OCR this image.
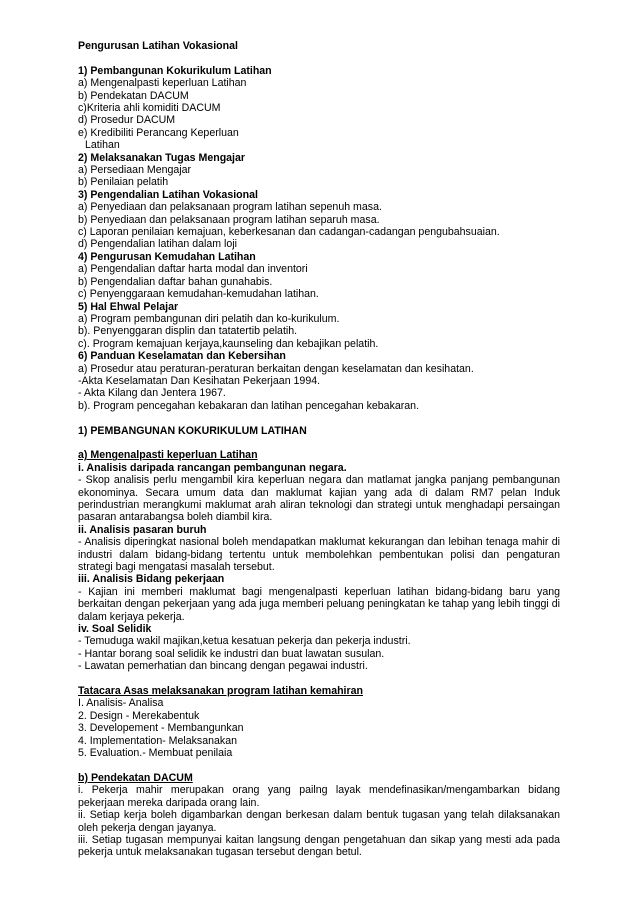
Pengurusan Latihan Vokasional
1) Pembangunan Kokurikulum Latihan
a) Mengenalpasti keperluan Latihan
b) Pendekatan DACUM
c)Kriteria ahli komiditi DACUM
d) Prosedur DACUM
e) Kredibiliti Perancang Keperluan
Latihan
2) Melaksanakan Tugas Mengajar
a) Persediaan Mengajar
b) Penilaian pelatih
3) Pengendalian Latihan Vokasional
a) Penyediaan dan pelaksanaan program latihan sepenuh masa.
b) Penyediaan dan pelaksanaan program latihan separuh masa.
c) Laporan penilaian kemajuan, keberkesanan dan cadangan-cadangan pengubahsuaian.
d) Pengendalian latihan dalam loji
4) Pengurusan Kemudahan Latihan
a) Pengendalian daftar harta modal dan inventori
b) Pengendalian daftar bahan gunahabis.
c) Penyenggaraan kemudahan-kemudahan latihan.
5) Hal Ehwal Pelajar
a) Program pembangunan diri pelatih dan ko-kurikulum.
b). Penyenggaran displin dan tatatertib pelatih.
c). Program kemajuan kerjaya,kaunseling dan kebajikan pelatih.
6) Panduan Keselamatan dan Kebersihan
a) Prosedur atau peraturan-peraturan berkaitan dengan keselamatan dan kesihatan.
-Akta Keselamatan Dan Kesihatan Pekerjaan 1994.
- Akta Kilang dan Jentera 1967.
b). Program pencegahan kebakaran dan latihan pencegahan kebakaran.
1) PEMBANGUNAN KOKURIKULUM LATIHAN
a) Mengenalpasti keperluan Latihan
i. Analisis daripada rancangan pembangunan negara.
- Skop analisis perlu mengambil kira keperluan negara dan matlamat jangka panjang pembangunan ekonominya. Secara umum data dan maklumat kajian yang ada di dalam RM7 pelan Induk perindustrian merangkumi maklumat arah aliran teknologi dan strategi untuk menghadapi persaingan pasaran antarabangsa boleh diambil kira.
ii. Analisis pasaran buruh
- Analisis diperingkat nasional boleh mendapatkan maklumat kekurangan dan lebihan tenaga mahir di industri dalam bidang-bidang tertentu untuk membolehkan pembentukan polisi dan pengaturan strategi bagi mengatasi masalah tersebut.
iii. Analisis Bidang pekerjaan
- Kajian ini memberi maklumat bagi mengenalpasti keperluan latihan bidang-bidang baru yang berkaitan dengan pekerjaan yang ada juga memberi peluang peningkatan ke tahap yang lebih tinggi di dalam kerjaya pekerja.
iv. Soal Selidik
- Temuduga wakil majikan,ketua kesatuan pekerja dan pekerja industri.
- Hantar borang soal selidik ke industri dan buat lawatan susulan.
- Lawatan pemerhatian dan bincang dengan pegawai industri.
Tatacara Asas melaksanakan program latihan kemahiran
I. Analisis- Analisa
2. Design - Merekabentuk
3. Developement - Membangunkan
4. Implementation- Melaksanakan
5. Evaluation.- Membuat penilaia
b) Pendekatan DACUM
i. Pekerja mahir merupakan orang yang pailng layak mendefinasikan/mengambarkan bidang pekerjaan mereka daripada orang lain.
ii. Setiap kerja boleh digambarkan dengan berkesan dalam bentuk tugasan yang telah dilaksanakan oleh pekerja dengan jayanya.
iii. Setiap tugasan mempunyai kaitan langsung dengan pengetahuan dan sikap yang mesti ada pada pekerja untuk melaksanakan tugasan tersebut dengan betul.
